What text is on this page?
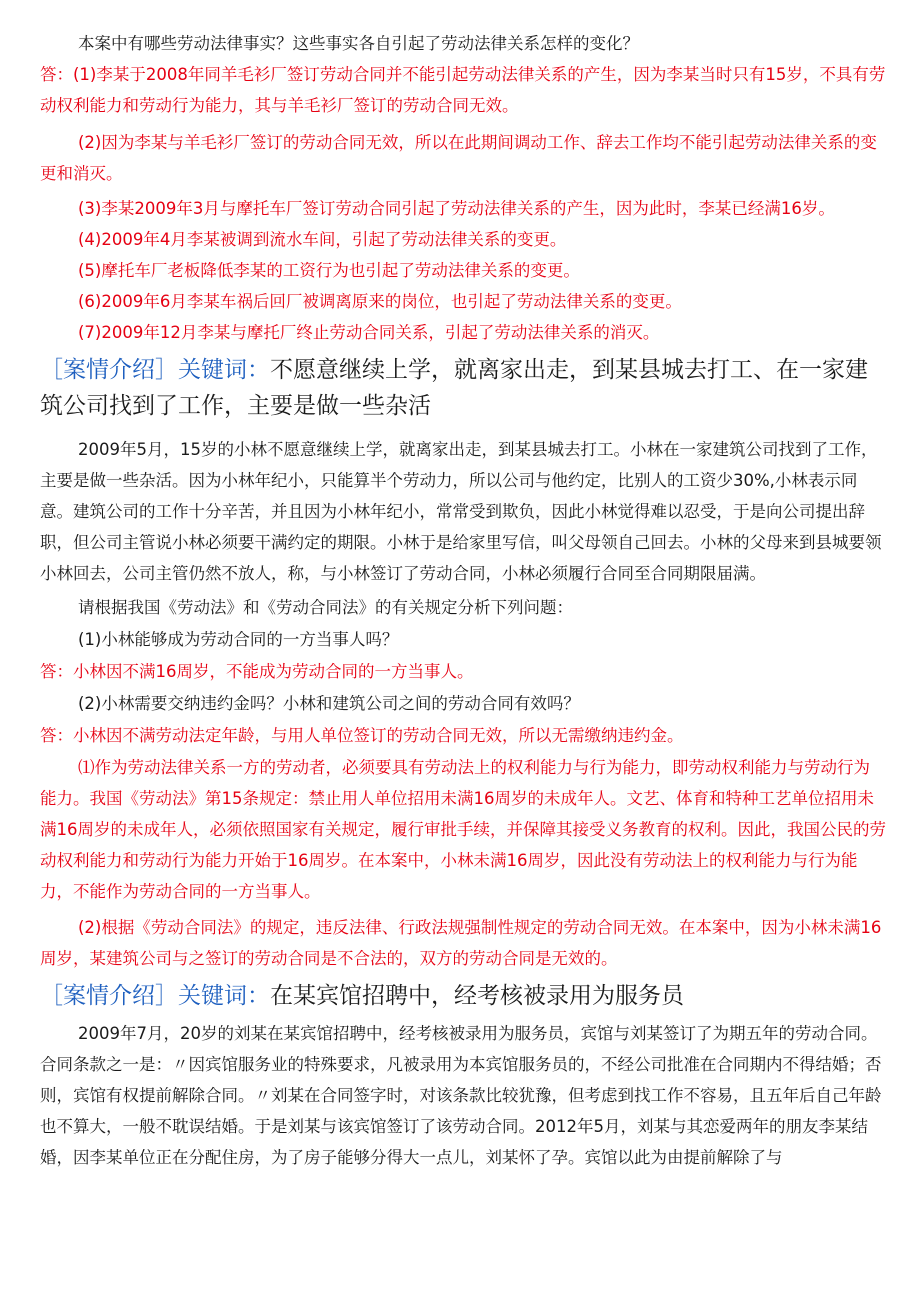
本案中有哪些劳动法律事实？这些事实各自引起了劳动法律关系怎样的变化？

答：(1)李某于2008年同羊毛衫厂签订劳动合同并不能引起劳动法律关系的产生，因为李某当时只有15岁，不具有劳动权利能力和劳动行为能力，其与羊毛衫厂签订的劳动合同无效。

(2)因为李某与羊毛衫厂签订的劳动合同无效，所以在此期间调动工作、辞去工作均不能引起劳动法律关系的变更和消灭。

(3)李某2009年3月与摩托车厂签订劳动合同引起了劳动法律关系的产生，因为此时，李某已经满16岁。

(4)2009年4月李某被调到流水车间，引起了劳动法律关系的变更。

(5)摩托车厂老板降低李某的工资行为也引起了劳动法律关系的变更。

(6)2009年6月李某车祸后回厂被调离原来的岗位，也引起了劳动法律关系的变更。

(7)2009年12月李某与摩托厂终止劳动合同关系，引起了劳动法律关系的消灭。

［案情介绍］关键词：不愿意继续上学，就离家出走，到某县城去打工、在一家建筑公司找到了工作，主要是做一些杂活

2009年5月，15岁的小林不愿意继续上学，就离家出走，到某县城去打工。小林在一家建筑公司找到了工作，主要是做一些杂活。因为小林年纪小，只能算半个劳动力，所以公司与他约定，比别人的工资少30%,小林表示同意。建筑公司的工作十分辛苦，并且因为小林年纪小，常常受到欺负，因此小林觉得难以忍受，于是向公司提出辞职，但公司主管说小林必须要干满约定的期限。小林于是给家里写信，叫父母领自己回去。小林的父母来到县城要领小林回去，公司主管仍然不放人，称，与小林签订了劳动合同，小林必须履行合同至合同期限届满。

请根据我国《劳动法》和《劳动合同法》的有关规定分析下列问题：

(1)小林能够成为劳动合同的一方当事人吗？

答：小林因不满16周岁，不能成为劳动合同的一方当事人。

(2)小林需要交纳违约金吗？小林和建筑公司之间的劳动合同有效吗？

答：小林因不满劳动法定年龄，与用人单位签订的劳动合同无效，所以无需缴纳违约金。

⑴作为劳动法律关系一方的劳动者，必须要具有劳动法上的权利能力与行为能力，即劳动权利能力与劳动行为能力。我国《劳动法》第15条规定：禁止用人单位招用未满16周岁的未成年人。文艺、体育和特种工艺单位招用未满16周岁的未成年人，必须依照国家有关规定，履行审批手续，并保障其接受义务教育的权利。因此，我国公民的劳动权利能力和劳动行为能力开始于16周岁。在本案中，小林未满16周岁，因此没有劳动法上的权利能力与行为能力，不能作为劳动合同的一方当事人。

(2)根据《劳动合同法》的规定，违反法律、行政法规强制性规定的劳动合同无效。在本案中，因为小林未满16周岁，某建筑公司与之签订的劳动合同是不合法的，双方的劳动合同是无效的。

［案情介绍］关键词：在某宾馆招聘中，经考核被录用为服务员

2009年7月，20岁的刘某在某宾馆招聘中，经考核被录用为服务员，宾馆与刘某签订了为期五年的劳动合同。合同条款之一是：〃因宾馆服务业的特殊要求，凡被录用为本宾馆服务员的，不经公司批准在合同期内不得结婚；否则，宾馆有权提前解除合同。〃刘某在合同签字时，对该条款比较犹豫，但考虑到找工作不容易，且五年后自己年龄也不算大，一般不耽误结婚。于是刘某与该宾馆签订了该劳动合同。2012年5月，刘某与其恋爱两年的朋友李某结婚，因李某单位正在分配住房，为了房子能够分得大一点儿，刘某怀了孕。宾馆以此为由提前解除了与
